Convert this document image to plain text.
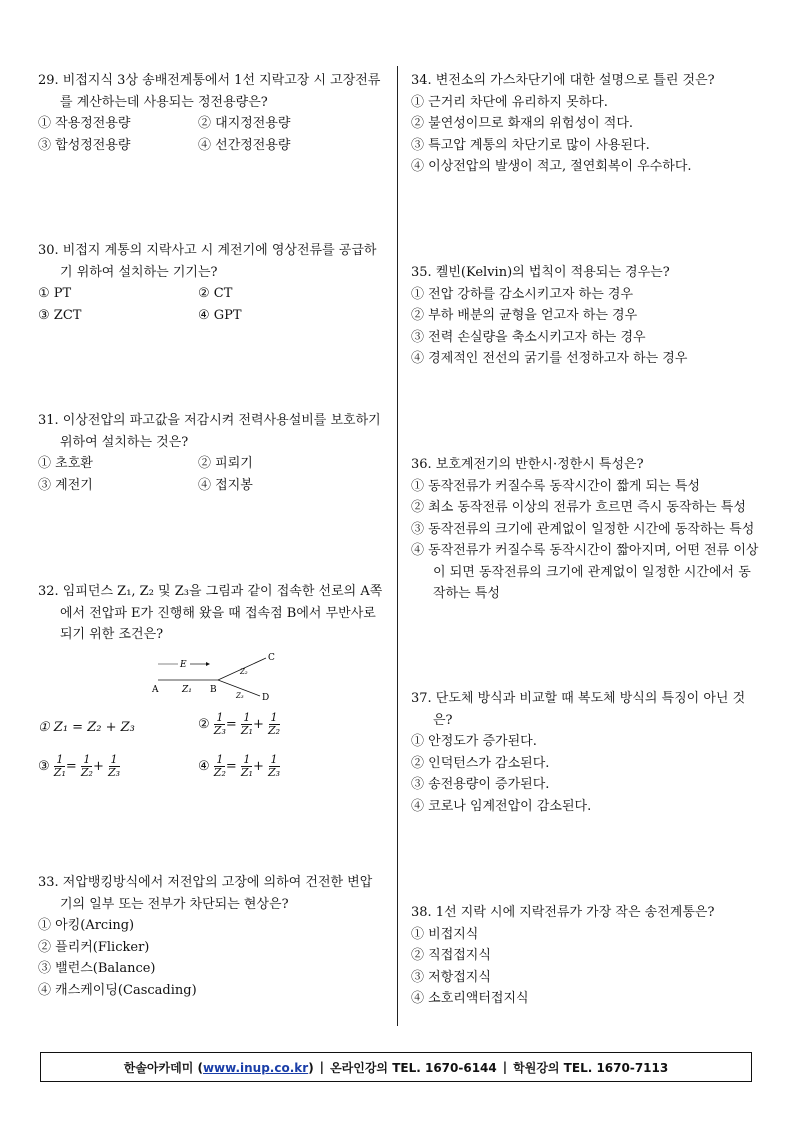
29. 비접지식 3상 송배전계통에서 1선 지락고장 시 고장전류를 계산하는데 사용되는 정전용량은?

① 작용정전용량	② 대지정전용량
③ 합성정전용량	④ 선간정전용량

30. 비접지 계통의 지락사고 시 계전기에 영상전류를 공급하기 위하여 설치하는 기기는?

① PT	② CT
③ ZCT	④ GPT

31. 이상전압의 파고값을 저감시켜 전력사용설비를 보호하기 위하여 설치하는 것은?

① 초호환	② 피뢰기
③ 계전기	④ 접지봉

32. 임피던스 Z₁, Z₂ 및 Z₃을 그림과 같이 접속한 선로의 A쪽에서 전압파 E가 진행해 왔을 때 접속점 B에서 무반사로 되기 위한 조건은?

E
A	Z₁ B
C
D
Z₂
Z₃
① Z₁ = Z₂ + Z₃	② $\frac{1}{\text{Z₃}} = \frac{1}{\text{Z₁}} + \frac{1}{\text{Z₂}}$
③ $\frac{1}{\text{Z₁}} = \frac{1}{\text{Z₂}} + \frac{1}{\text{Z₃}}$	④ $\frac{1}{\text{Z₂}} = \frac{1}{\text{Z₁}} + \frac{1}{\text{Z₃}}$

33. 저압뱅킹방식에서 저전압의 고장에 의하여 건전한 변압기의 일부 또는 전부가 차단되는 현상은?

① 아킹(Arcing)
② 플리커(Flicker)
③ 밸런스(Balance)
④ 캐스케이딩(Cascading)

34. 변전소의 가스차단기에 대한 설명으로 틀린 것은?

① 근거리 차단에 유리하지 못하다.
② 불연성이므로 화재의 위험성이 적다.
③ 특고압 계통의 차단기로 많이 사용된다.
④ 이상전압의 발생이 적고, 절연회복이 우수하다.

35. 켈빈(Kelvin)의 법칙이 적용되는 경우는?

① 전압 강하를 감소시키고자 하는 경우
② 부하 배분의 균형을 얻고자 하는 경우
③ 전력 손실량을 축소시키고자 하는 경우
④ 경제적인 전선의 굵기를 선정하고자 하는 경우

36. 보호계전기의 반한시·정한시 특성은?

① 동작전류가 커질수록 동작시간이 짧게 되는 특성
② 최소 동작전류 이상의 전류가 흐르면 즉시 동작하는 특성
③ 동작전류의 크기에 관계없이 일정한 시간에 동작하는 특성

④ 동작전류가 커질수록 동작시간이 짧아지며, 어떤 전류 이상이 되면 동작전류의 크기에 관계없이 일정한 시간에서 동작하는 특성

37. 단도체 방식과 비교할 때 복도체 방식의 특징이 아닌 것은?

① 안정도가 증가된다.
② 인덕턴스가 감소된다.
③ 송전용량이 증가된다.
④ 코로나 임계전압이 감소된다.

38. 1선 지락 시에 지락전류가 가장 작은 송전계통은?

① 비접지식
② 직접접지식
③ 저항접지식
④ 소호리액터접지식
한솔아카데미 (www.inup.co.kr) | 온라인강의 TEL. 1670-6144 | 학원강의 TEL. 1670-7113
